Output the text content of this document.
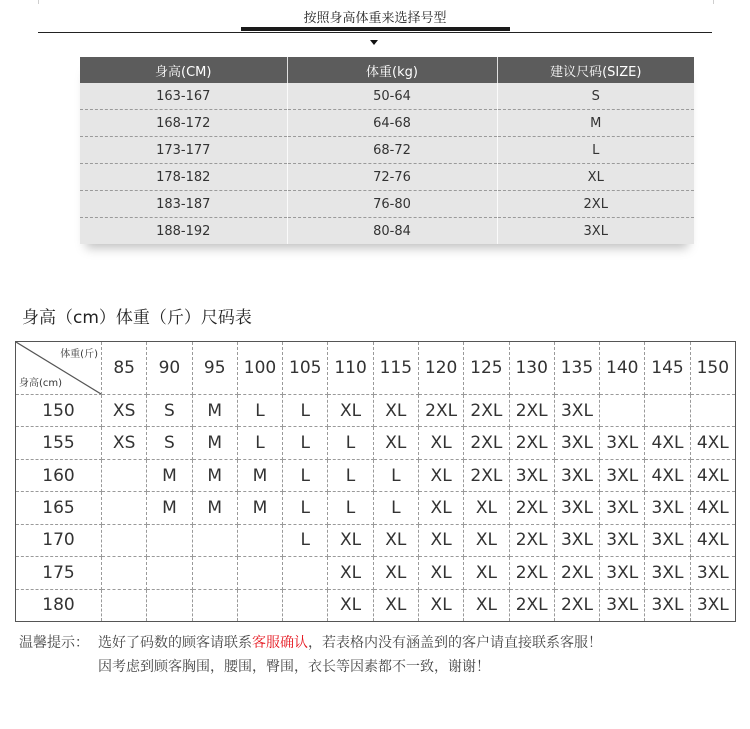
按照身高体重来选择号型
身高(CM)	体重(kg)	建议尺码(SIZE)
163-167	50-64	S
168-172	64-68	M
173-177	68-72	L
178-182	72-76	XL
183-187	76-80	2XL
188-192	80-84	3XL
身高（cm）体重（斤）尺码表
体重(斤)
身高(cm)	85	90	95	100	105	110	115	120	125	130	135	140	145	150
150	XS	S	M	L	L	XL	XL	2XL	2XL	2XL	3XL			
155	XS	S	M	L	L	L	XL	XL	2XL	2XL	3XL	3XL	4XL	4XL
160		M	M	M	L	L	L	XL	2XL	3XL	3XL	3XL	4XL	4XL
165		M	M	M	L	L	L	XL	XL	2XL	3XL	3XL	3XL	4XL
170					L	XL	XL	XL	XL	2XL	3XL	3XL	3XL	4XL
175						XL	XL	XL	XL	2XL	2XL	3XL	3XL	3XL
180						XL	XL	XL	XL	2XL	2XL	3XL	3XL	3XL
温馨提示： 选好了码数的顾客请联系客服确认，若表格内没有涵盖到的客户请直接联系客服！
因考虑到顾客胸围，腰围，臀围，衣长等因素都不一致，谢谢！
